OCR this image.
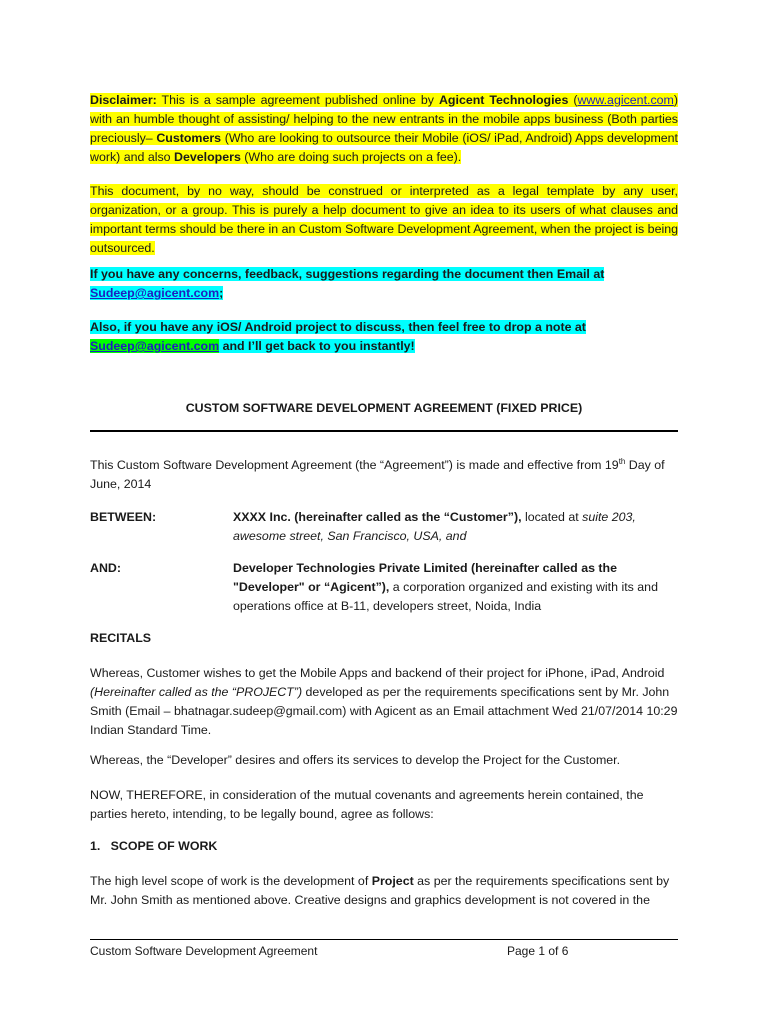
Disclaimer: This is a sample agreement published online by Agicent Technologies (www.agicent.com) with an humble thought of assisting/ helping to the new entrants in the mobile apps business (Both parties preciously– Customers (Who are looking to outsource their Mobile (iOS/ iPad, Android) Apps development work) and also Developers (Who are doing such projects on a fee).
This document, by no way, should be construed or interpreted as a legal template by any user, organization, or a group. This is purely a help document to give an idea to its users of what clauses and important terms should be there in an Custom Software Development Agreement, when the project is being outsourced.
If you have any concerns, feedback, suggestions regarding the document then Email at Sudeep@agicent.com;
Also, if you have any iOS/ Android project to discuss, then feel free to drop a note at Sudeep@agicent.com and I’ll get back to you instantly!
CUSTOM SOFTWARE DEVELOPMENT AGREEMENT (FIXED PRICE)
This Custom Software Development Agreement (the “Agreement”) is made and effective from 19th Day of June, 2014
BETWEEN:	XXXX Inc. (hereinafter called as the “Customer”), located at suite 203, awesome street, San Francisco, USA, and
AND:	Developer Technologies Private Limited (hereinafter called as the "Developer" or “Agicent”), a corporation organized and existing with its and operations office at B-11, developers street, Noida, India
RECITALS
Whereas, Customer wishes to get the Mobile Apps and backend of their project for iPhone, iPad, Android (Hereinafter called as the “PROJECT”) developed as per the requirements specifications sent by Mr. John Smith (Email – bhatnagar.sudeep@gmail.com) with Agicent as an Email attachment Wed 21/07/2014 10:29 Indian Standard Time.
Whereas, the “Developer” desires and offers its services to develop the Project for the Customer.
NOW, THEREFORE, in consideration of the mutual covenants and agreements herein contained, the parties hereto, intending, to be legally bound, agree as follows:
1.   SCOPE OF WORK
The high level scope of work is the development of Project as per the requirements specifications sent by Mr. John Smith as mentioned above. Creative designs and graphics development is not covered in the
Custom Software Development Agreement	Page 1 of 6
